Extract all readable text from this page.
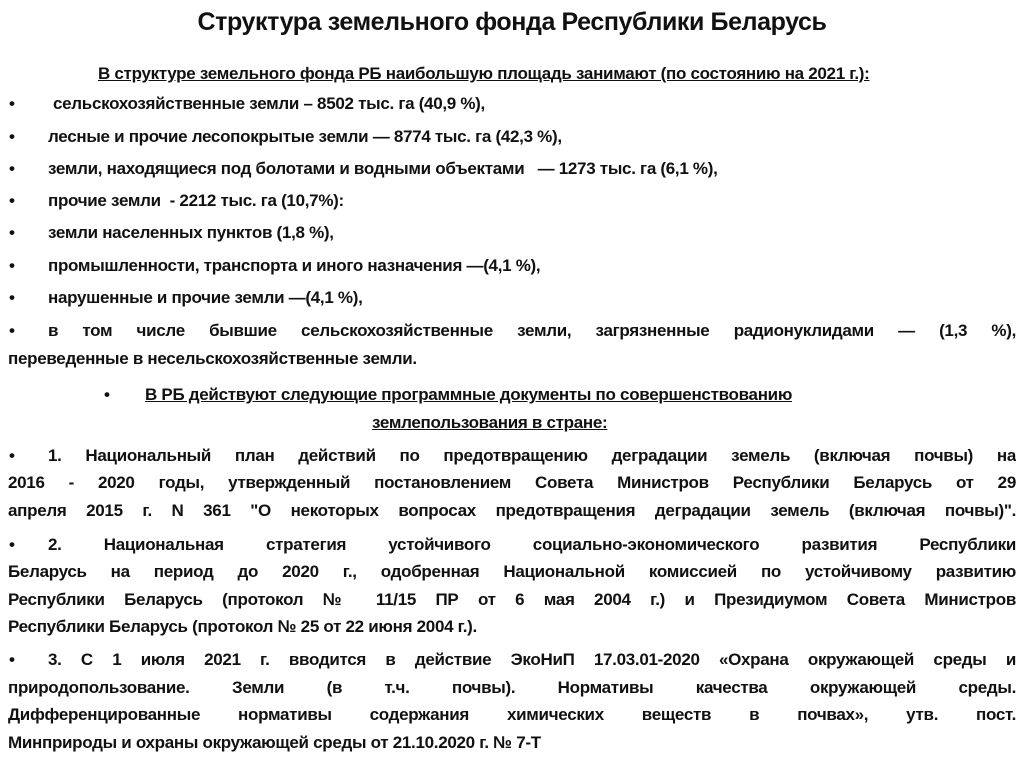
Структура земельного фонда Республики Беларусь
В структуре земельного фонда РБ наибольшую площадь занимают (по состоянию на 2021 г.):
• сельскохозяйственные земли – 8502 тыс. га (40,9 %),
• лесные и прочие лесопокрытые земли — 8774 тыс. га (42,3 %),
• земли, находящиеся под болотами и водными объектами   — 1273 тыс. га (6,1 %),
• прочие земли  - 2212 тыс. га (10,7%):
• земли населенных пунктов (1,8 %),
• промышленности, транспорта и иного назначения —(4,1 %),
• нарушенные и прочие земли —(4,1 %),
• в том числе бывшие сельскохозяйственные земли, загрязненные радионуклидами — (1,3 %),
переведенные в несельскохозяйственные земли.
• В РБ действуют следующие программные документы по совершенствованию
землепользования в стране:
• 1. Национальный план действий по предотвращению деградации земель (включая почвы) на
2016 - 2020 годы, утвержденный постановлением Совета Министров Республики Беларусь от 29
апреля 2015 г. N 361 "О некоторых вопросах предотвращения деградации земель (включая почвы)".
• 2. Национальная стратегия устойчивого социально-экономического развития Республики
Беларусь на период до 2020 г., одобренная Национальной комиссией по устойчивому развитию
Республики Беларусь (протокол № 11/15 ПР от 6 мая 2004 г.) и Президиумом Совета Министров
Республики Беларусь (протокол № 25 от 22 июня 2004 г.).
• 3. С 1 июля 2021 г. вводится в действие ЭкоНиП 17.03.01-2020 «Охрана окружающей среды и
природопользование. Земли (в т.ч. почвы). Нормативы качества окружающей среды.
Дифференцированные нормативы содержания химических веществ в почвах», утв. пост.
Минприроды и охраны окружающей среды от 21.10.2020 г. № 7-Т
